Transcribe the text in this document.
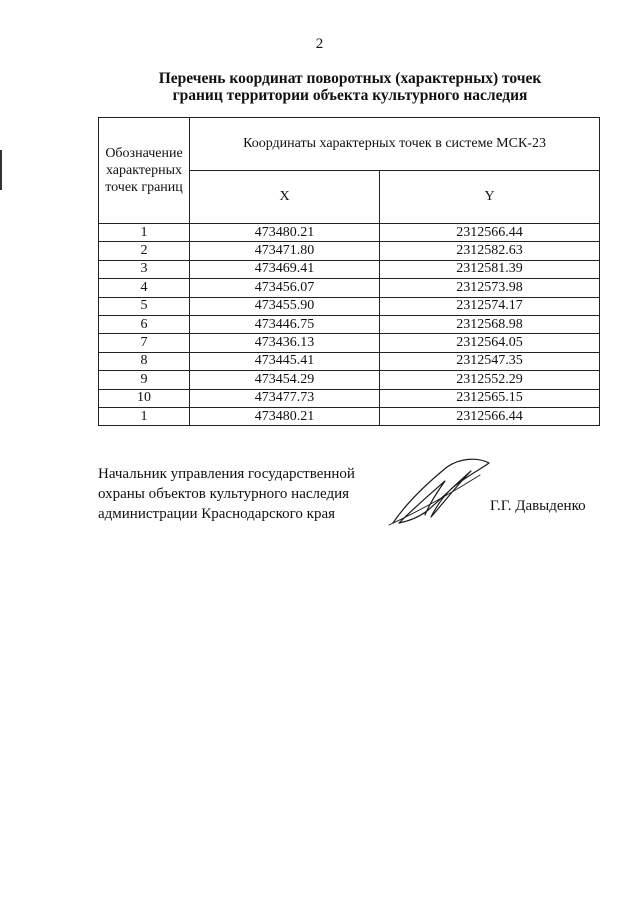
2
Перечень координат поворотных (характерных) точек
границ территории объекта культурного наследия
Обозначение
характерных
точек границ	Координаты характерных точек в системе МСК-23	
	X	Y
1	473480.21	2312566.44
2	473471.80	2312582.63
3	473469.41	2312581.39
4	473456.07	2312573.98
5	473455.90	2312574.17
6	473446.75	2312568.98
7	473436.13	2312564.05
8	473445.41	2312547.35
9	473454.29	2312552.29
10	473477.73	2312565.15
1	473480.21	2312566.44
Начальник управления государственной
охраны объектов культурного наследия
администрации Краснодарского края	Г.Г. Давыденко
